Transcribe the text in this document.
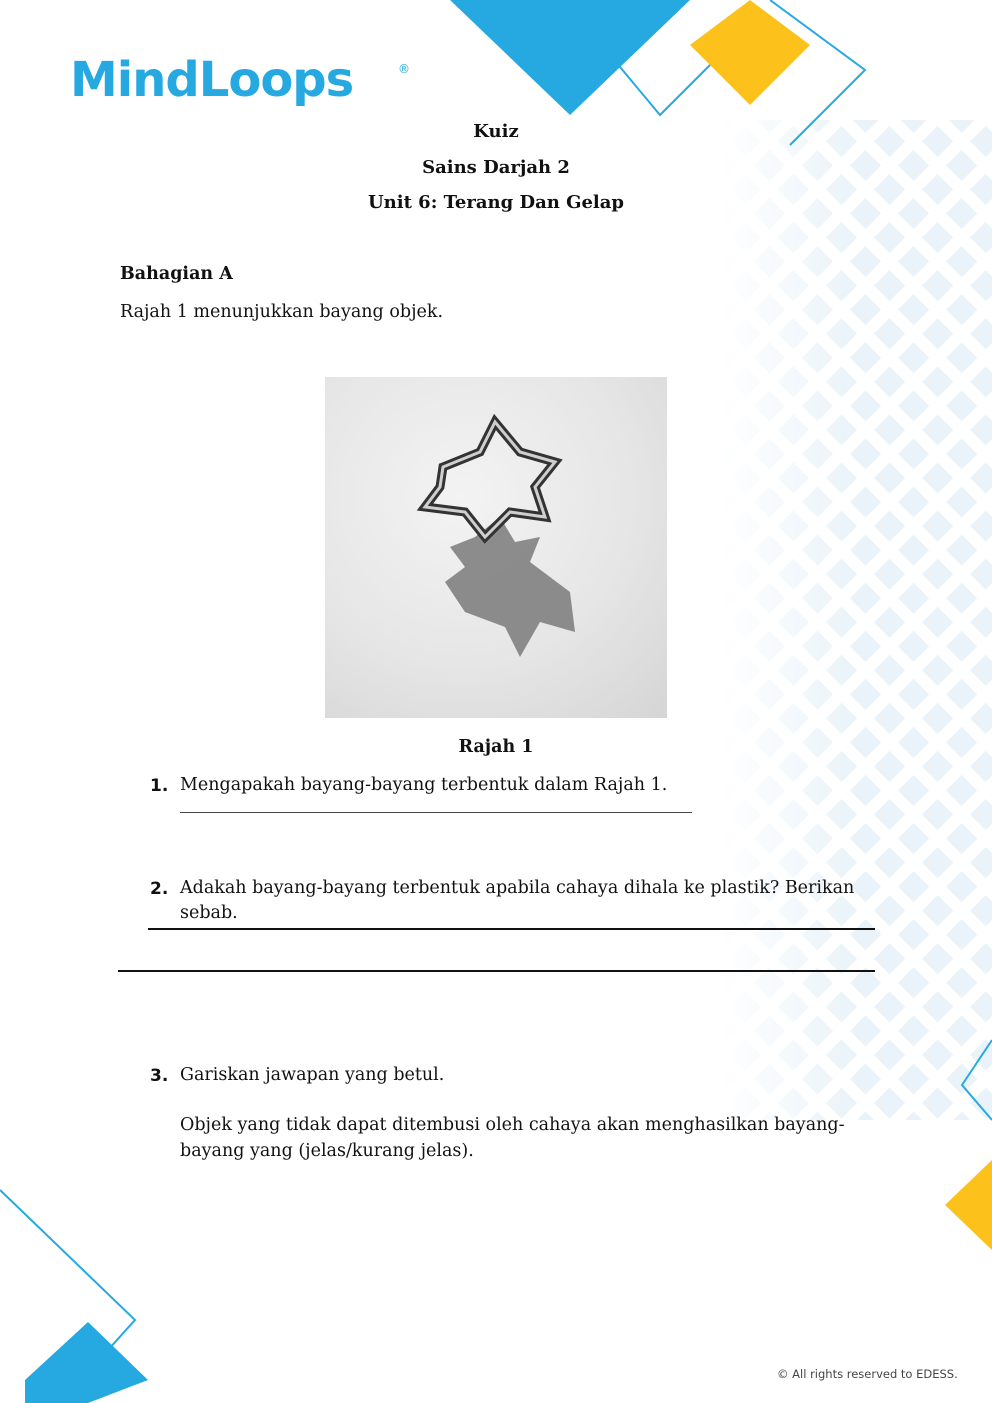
MindLoops	®
Kuiz
Sains Darjah 2
Unit 6: Terang Dan Gelap
Bahagian A
Rajah 1 menunjukkan bayang objek.
Rajah 1
1. Mengapakah bayang-bayang terbentuk dalam Rajah 1.
2. Adakah bayang-bayang terbentuk apabila cahaya dihala ke plastik? Berikan
sebab.
3. Gariskan jawapan yang betul.
Objek yang tidak dapat ditembusi oleh cahaya akan menghasilkan bayang-
bayang yang (jelas/kurang jelas).
© All rights reserved to EDESS.
